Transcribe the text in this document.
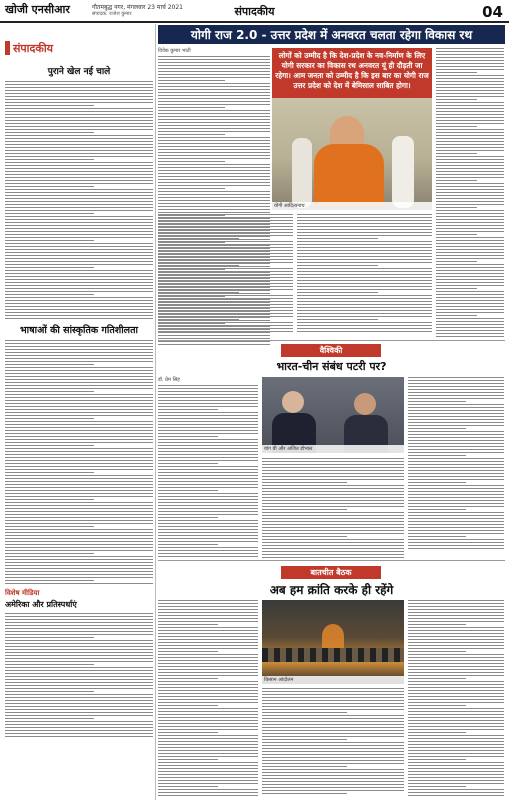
खोजी एनसीआर	गौतमबुद्ध नगर, मंगलवार 23 मार्च 2021
संपादक: राजेश कुमार	संपादकीय	04
संपादकीय
पुराने खेल नई चाले
भाषाओं की सांस्कृतिक गतिशीलता
विशेष मीडिया
अमेरिका और प्रतिस्पर्धाएं
योगी राज 2.0 - उत्तर प्रदेश में अनवरत चलता रहेगा विकास रथ
विवेक कुमार भाटी	लोगों को उम्मीद है कि देश-प्रदेश के नव-निर्माण के लिए योगी सरकार का विकास रथ अनवरत यूं ही दौड़ती जा रहेगा। आम जनता को उम्मीद है कि इस बार का योगी राज उत्तर प्रदेश को देश में बेमिसाल साबित होगा।
योगी आदित्यनाथ
वैश्विकी
भारत-चीन संबंध पटरी पर?
डॉ. प्रेम सिंह
वांग यी और अजित डोभाल
बातचीत बैठक
अब हम क्रांति करके ही रहेंगे
किसान आंदोलन
